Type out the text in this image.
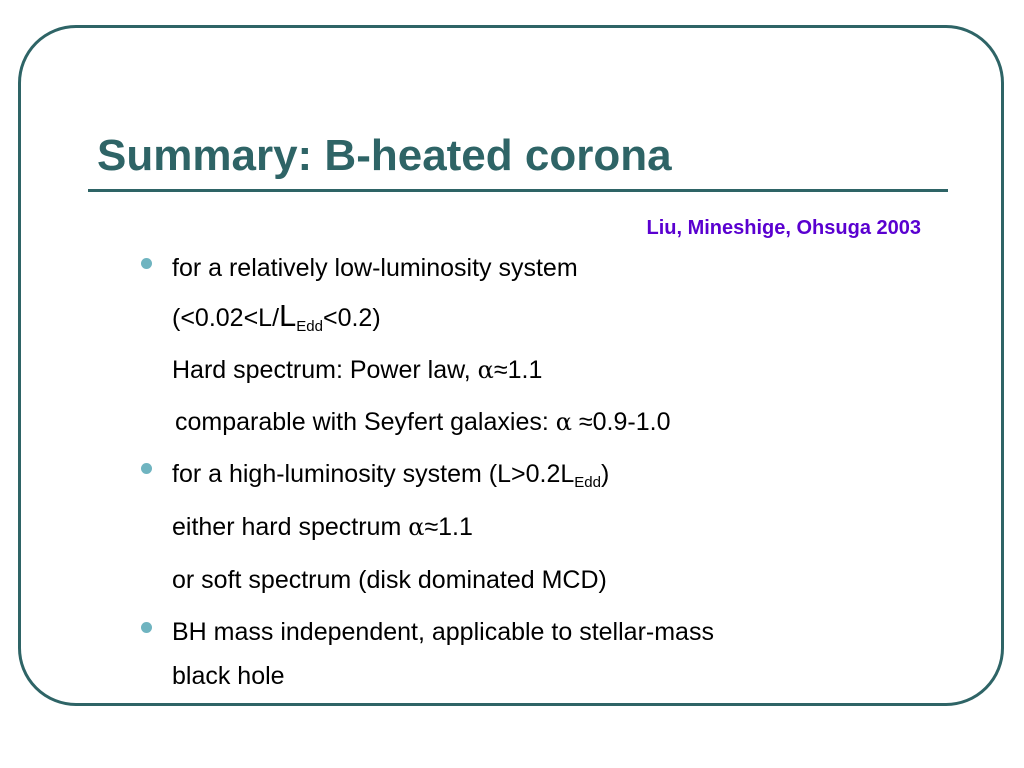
Summary: B-heated corona
Liu, Mineshige, Ohsuga 2003
for a relatively low-luminosity system
$(<0.02<L/L_{Edd}<0.2)$
Hard spectrum: Power law, α≈1.1
comparable with Seyfert galaxies: α ≈0.9-1.0
for a high-luminosity system $(L>0.2L_{Edd})$
either hard spectrum α≈1.1
or soft spectrum (disk dominated MCD)
BH mass independent, applicable to stellar-mass
black hole
